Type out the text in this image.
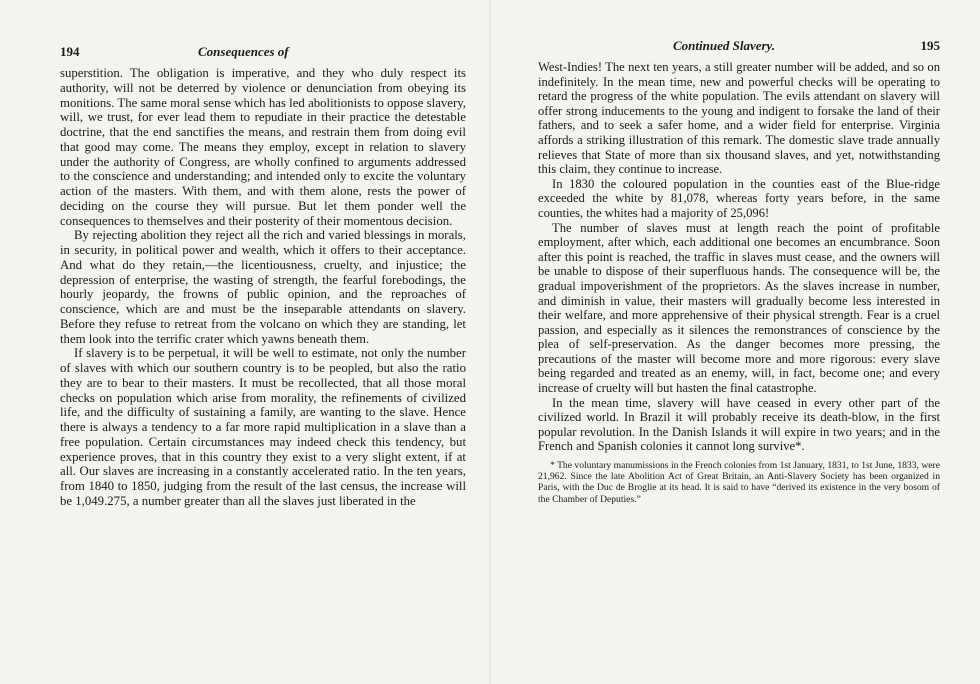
194	Consequences of

superstition. The obligation is imperative, and they who duly respect its authority, will not be deterred by violence or denunciation from obeying its monitions. The same moral sense which has led abolitionists to oppose slavery, will, we trust, for ever lead them to repudiate in their practice the detestable doctrine, that the end sanctifies the means, and restrain them from doing evil that good may come. The means they employ, except in relation to slavery under the authority of Congress, are wholly confined to arguments addressed to the conscience and understanding; and intended only to excite the voluntary action of the masters. With them, and with them alone, rests the power of deciding on the course they will pursue. But let them ponder well the consequences to themselves and their posterity of their momentous decision.

By rejecting abolition they reject all the rich and varied blessings in morals, in security, in political power and wealth, which it offers to their acceptance. And what do they retain,—the licentiousness, cruelty, and injustice; the depression of enterprise, the wasting of strength, the fearful forebodings, the hourly jeopardy, the frowns of public opinion, and the reproaches of conscience, which are and must be the inseparable attendants on slavery. Before they refuse to retreat from the volcano on which they are standing, let them look into the terrific crater which yawns beneath them.

If slavery is to be perpetual, it will be well to estimate, not only the number of slaves with which our southern country is to be peopled, but also the ratio they are to bear to their masters. It must be recollected, that all those moral checks on population which arise from morality, the refinements of civilized life, and the difficulty of sustaining a family, are wanting to the slave. Hence there is always a tendency to a far more rapid multiplication in a slave than a free population. Certain circumstances may indeed check this tendency, but experience proves, that in this country they exist to a very slight extent, if at all. Our slaves are increasing in a constantly accelerated ratio. In the ten years, from 1840 to 1850, judging from the result of the last census, the increase will be 1,049.275, a number greater than all the slaves just liberated in the

Continued Slavery.	195

West-Indies! The next ten years, a still greater number will be added, and so on indefinitely. In the mean time, new and powerful checks will be operating to retard the progress of the white population. The evils attendant on slavery will offer strong inducements to the young and indigent to forsake the land of their fathers, and to seek a safer home, and a wider field for enterprise. Virginia affords a striking illustration of this remark. The domestic slave trade annually relieves that State of more than six thousand slaves, and yet, notwithstanding this claim, they continue to increase.

In 1830 the coloured population in the counties east of the Blue-ridge exceeded the white by 81,078, whereas forty years before, in the same counties, the whites had a majority of 25,096!

The number of slaves must at length reach the point of profitable employment, after which, each additional one becomes an encumbrance. Soon after this point is reached, the traffic in slaves must cease, and the owners will be unable to dispose of their superfluous hands. The consequence will be, the gradual impoverishment of the proprietors. As the slaves increase in number, and diminish in value, their masters will gradually become less interested in their welfare, and more apprehensive of their physical strength. Fear is a cruel passion, and especially as it silences the remonstrances of conscience by the plea of self-preservation. As the danger becomes more pressing, the precautions of the master will become more and more rigorous: every slave being regarded and treated as an enemy, will, in fact, become one; and every increase of cruelty will but hasten the final catastrophe.

In the mean time, slavery will have ceased in every other part of the civilized world. In Brazil it will probably receive its death-blow, in the first popular revolution. In the Danish Islands it will expire in two years; and in the French and Spanish colonies it cannot long survive*.

* The voluntary manumissions in the French colonies from 1st January, 1831, to 1st June, 1833, were 21,962. Since the late Abolition Act of Great Britain, an Anti-Slavery Society has been organized in Paris, with the Duc de Broglie at its head. It is said to have “derived its existence in the very bosom of the Chamber of Deputies.”
